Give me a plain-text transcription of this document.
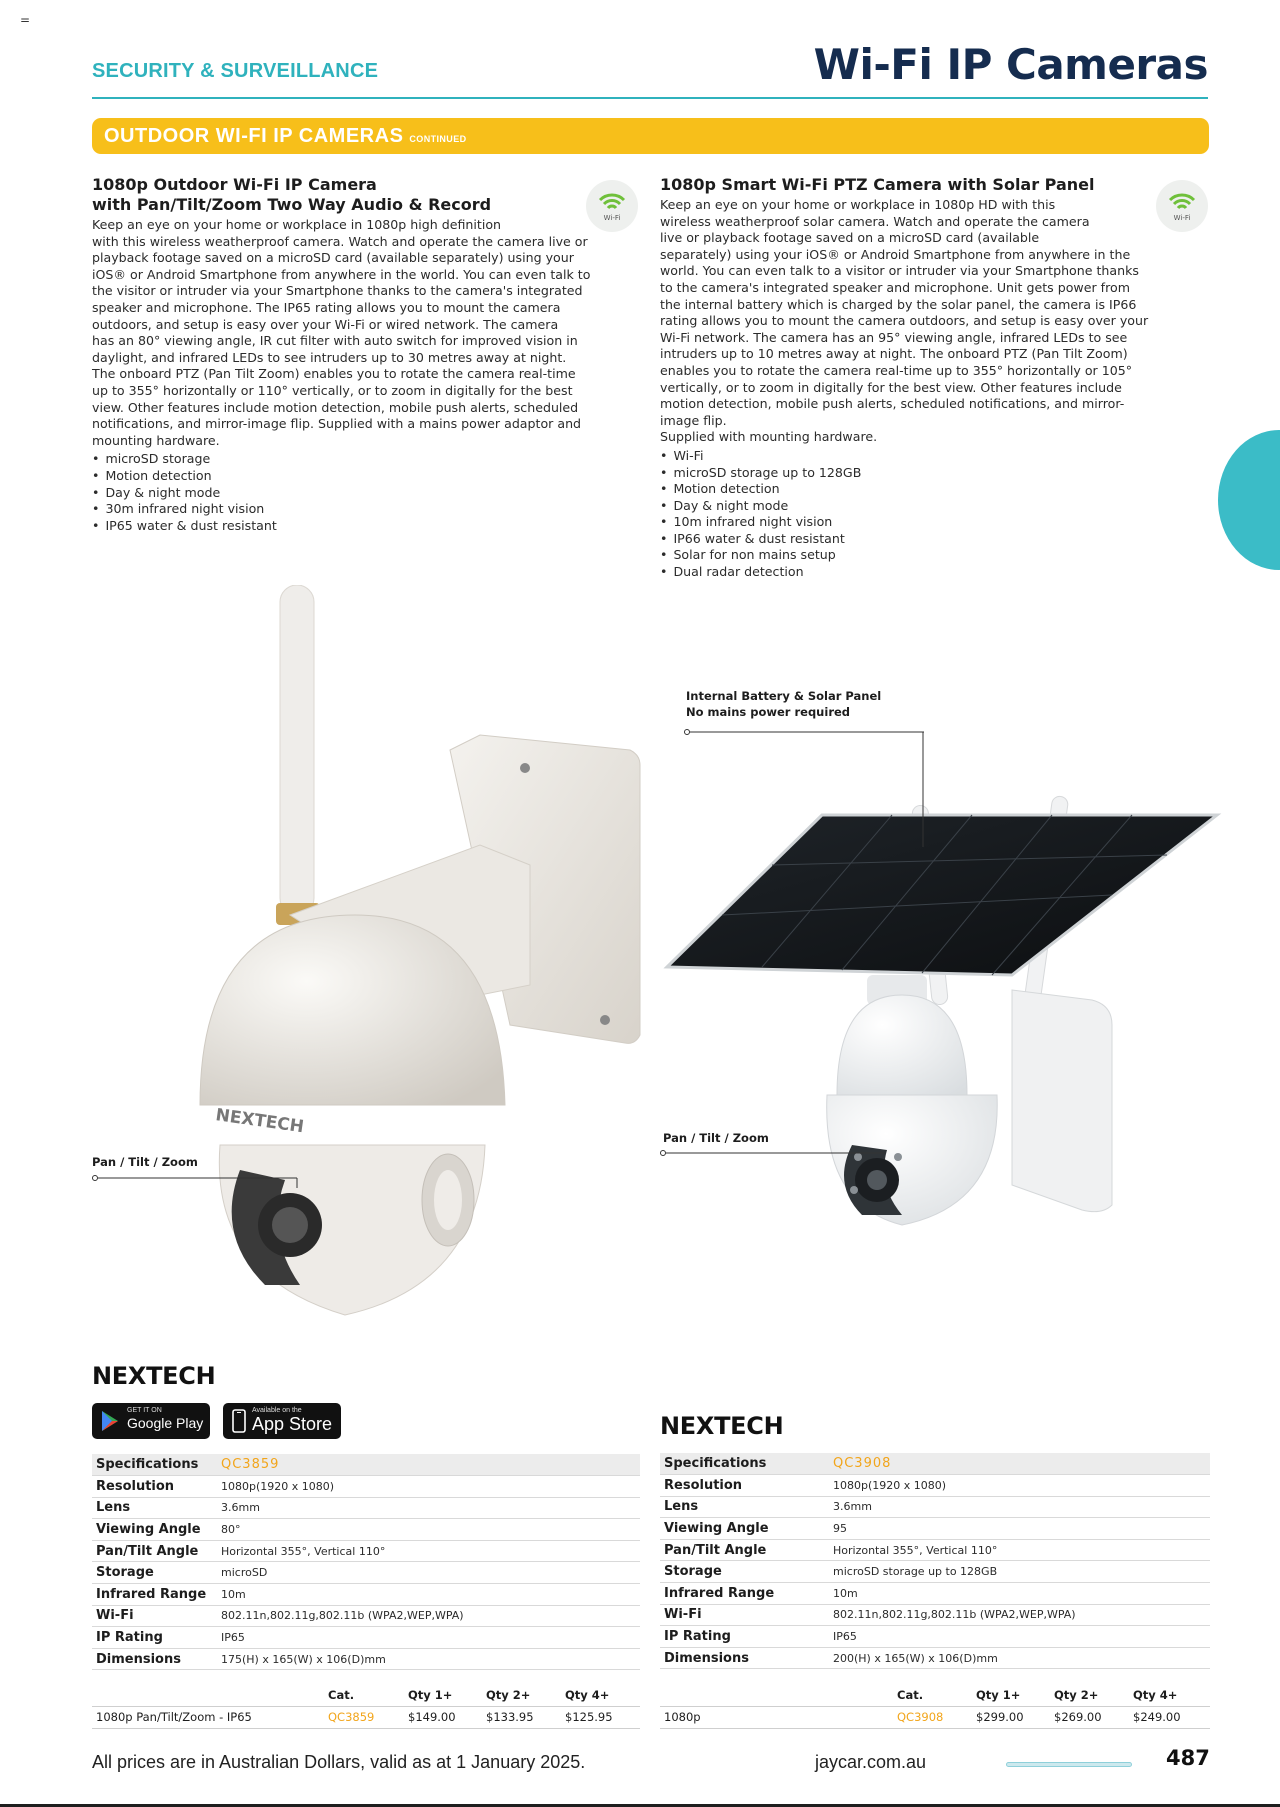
=
SECURITY & SURVEILLANCE	Wi-Fi IP Cameras
OUTDOOR WI-FI IP CAMERAS CONTINUED
1080p Outdoor Wi-Fi IP Camera
with Pan/Tilt/Zoom Two Way Audio & Record
Keep an eye on your home or workplace in 1080p high definition
with this wireless weatherproof camera. Watch and operate the camera live or
playback footage saved on a microSD card (available separately) using your
iOS® or Android Smartphone from anywhere in the world. You can even talk to
the visitor or intruder via your Smartphone thanks to the camera's integrated
speaker and microphone. The IP65 rating allows you to mount the camera
outdoors, and setup is easy over your Wi-Fi or wired network. The camera
has an 80° viewing angle, IR cut filter with auto switch for improved vision in
daylight, and infrared LEDs to see intruders up to 30 metres away at night.
The onboard PTZ (Pan Tilt Zoom) enables you to rotate the camera real-time
up to 355° horizontally or 110° vertically, or to zoom in digitally for the best
view. Other features include motion detection, mobile push alerts, scheduled
notifications, and mirror-image flip. Supplied with a mains power adaptor and
mounting hardware.
• microSD storage
• Motion detection
• Day & night mode
• 30m infrared night vision
• IP65 water & dust resistant
Wi-Fi
1080p Smart Wi-Fi PTZ Camera with Solar Panel
Keep an eye on your home or workplace in 1080p HD with this
wireless weatherproof solar camera. Watch and operate the camera
live or playback footage saved on a microSD card (available
separately) using your iOS® or Android Smartphone from anywhere in the
world. You can even talk to a visitor or intruder via your Smartphone thanks
to the camera's integrated speaker and microphone. Unit gets power from
the internal battery which is charged by the solar panel, the camera is IP66
rating allows you to mount the camera outdoors, and setup is easy over your
Wi-Fi network. The camera has an 95° viewing angle, infrared LEDs to see
intruders up to 10 metres away at night. The onboard PTZ (Pan Tilt Zoom)
enables you to rotate the camera real-time up to 355° horizontally or 105°
vertically, or to zoom in digitally for the best view. Other features include
motion detection, mobile push alerts, scheduled notifications, and mirror-
image flip.
Supplied with mounting hardware.
• Wi-Fi
• microSD storage up to 128GB
• Motion detection
• Day & night mode
• 10m infrared night vision
• IP66 water & dust resistant
• Solar for non mains setup
• Dual radar detection
Wi-Fi
NEXTECH
Pan / Tilt / Zoom
Internal Battery & Solar Panel
No mains power required
Pan / Tilt / Zoom
NEXTECH
GET IT ON
Google Play
Available on the
App Store	NEXTECH
Specifications	QC3859
Resolution	1080p(1920 x 1080)
Lens	3.6mm
Viewing Angle	80°
Pan/Tilt Angle	Horizontal 355°, Vertical 110°
Storage	microSD
Infrared Range	10m
Wi-Fi	802.11n,802.11g,802.11b (WPA2,WEP,WPA)
IP Rating	IP65
Dimensions	175(H) x 165(W) x 106(D)mm
	Cat.	Qty 1+	Qty 2+	Qty 4+
1080p Pan/Tilt/Zoom - IP65	QC3859	$149.00	$133.95	$125.95
Specifications	QC3908
Resolution	1080p(1920 x 1080)
Lens	3.6mm
Viewing Angle	95
Pan/Tilt Angle	Horizontal 355°, Vertical 110°
Storage	microSD storage up to 128GB
Infrared Range	10m
Wi-Fi	802.11n,802.11g,802.11b (WPA2,WEP,WPA)
IP Rating	IP65
Dimensions	200(H) x 165(W) x 106(D)mm
	Cat.	Qty 1+	Qty 2+	Qty 4+
1080p	QC3908	$299.00	$269.00	$249.00
All prices are in Australian Dollars, valid as at 1 January 2025.	jaycar.com.au	487
